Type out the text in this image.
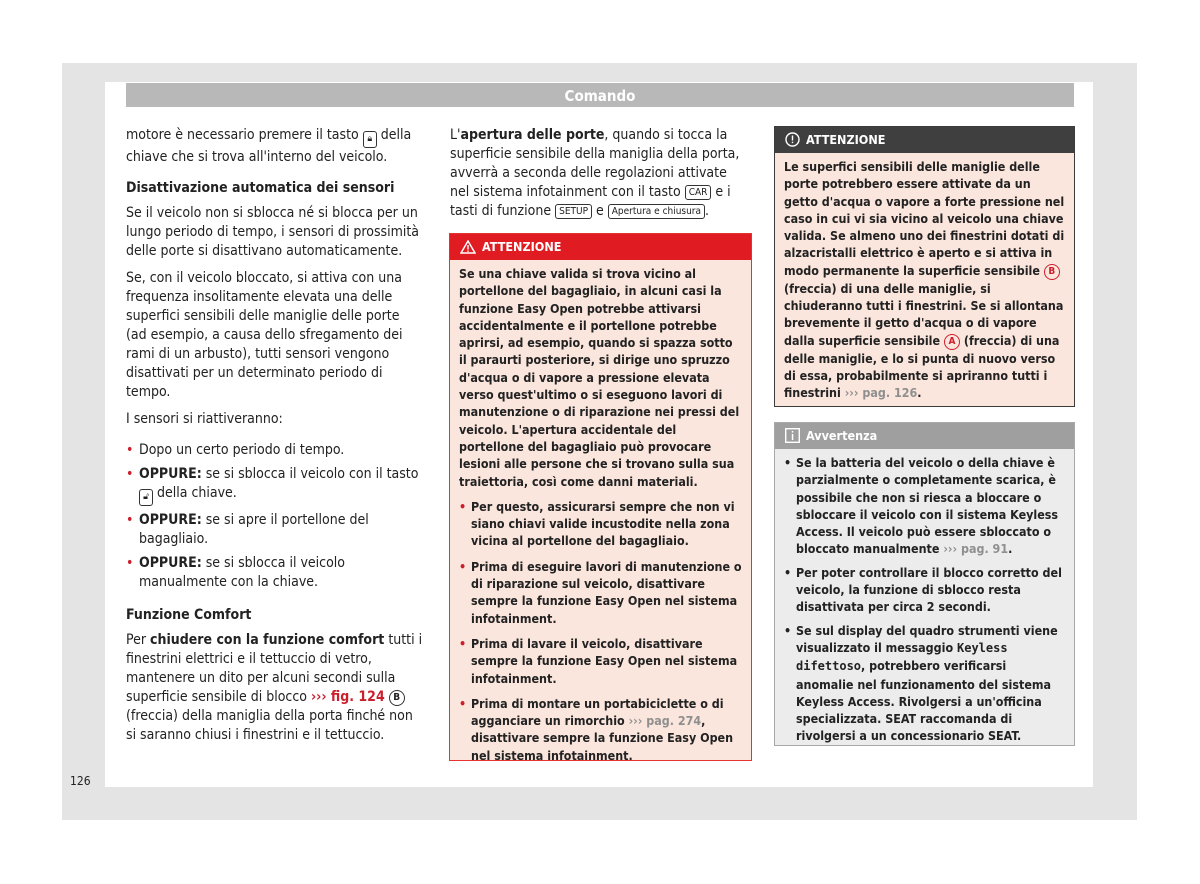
Comando

motore è necessario premere il tasto 🔒︎ della chiave che si trova all'interno del veicolo.

Disattivazione automatica dei sensori

Se il veicolo non si sblocca né si blocca per un lungo periodo di tempo, i sensori di prossimità delle porte si disattivano automaticamente.

Se, con il veicolo bloccato, si attiva con una frequenza insolitamente elevata una delle superfici sensibili delle maniglie delle porte (ad esempio, a causa dello sfregamento dei rami di un arbusto), tutti sensori vengono disattivati per un determinato periodo di tempo.

I sensori si riattiveranno:

• Dopo un certo periodo di tempo.
• OPPURE: se si sblocca il veicolo con il tasto 🔓︎ della chiave.
• OPPURE: se si apre il portellone del bagagliaio.
• OPPURE: se si sblocca il veicolo manualmente con la chiave.
Funzione Comfort

Per chiudere con la funzione comfort tutti i finestrini elettrici e il tettuccio di vetro, mantenere un dito per alcuni secondi sulla superficie sensibile di blocco ››› fig. 124 B (freccia) della maniglia della porta finché non si saranno chiusi i finestrini e il tettuccio.

L'apertura delle porte, quando si tocca la superficie sensibile della maniglia della porta, avverrà a seconda delle regolazioni attivate nel sistema infotainment con il tasto CAR e i tasti di funzione SETUP e Apertura e chiusura .

ATTENZIONE

Se una chiave valida si trova vicino al portellone del bagagliaio, in alcuni casi la funzione Easy Open potrebbe attivarsi accidentalmente e il portellone potrebbe aprirsi, ad esempio, quando si spazza sotto il paraurti posteriore, si dirige uno spruzzo d'acqua o di vapore a pressione elevata verso quest'ultimo o si eseguono lavori di manutenzione o di riparazione nei pressi del veicolo. L'apertura accidentale del portellone del bagagliaio può provocare lesioni alle persone che si trovano sulla sua traiettoria, così come danni materiali.

• Per questo, assicurarsi sempre che non vi siano chiavi valide incustodite nella zona vicina al portellone del bagagliaio.

• Prima di eseguire lavori di manutenzione o di riparazione sul veicolo, disattivare sempre la funzione Easy Open nel sistema infotainment.

• Prima di lavare il veicolo, disattivare sempre la funzione Easy Open nel sistema infotainment.

• Prima di montare un portabiciclette o di agganciare un rimorchio ››› pag. 274, disattivare sempre la funzione Easy Open nel sistema infotainment.

ATTENZIONE

Le superfici sensibili delle maniglie delle porte potrebbero essere attivate da un getto d'acqua o vapore a forte pressione nel caso in cui vi sia vicino al veicolo una chiave valida. Se almeno uno dei finestrini dotati di alzacristalli elettrico è aperto e si attiva in modo permanente la superficie sensibile B (freccia) di una delle maniglie, si chiuderanno tutti i finestrini. Se si allontana brevemente il getto d'acqua o di vapore dalla superficie sensibile A (freccia) di una delle maniglie, e lo si punta di nuovo verso di essa, probabilmente si apriranno tutti i finestrini ››› pag. 126.

Avvertenza

• Se la batteria del veicolo o della chiave è parzialmente o completamente scarica, è possibile che non si riesca a bloccare o sbloccare il veicolo con il sistema Keyless Access. Il veicolo può essere sbloccato o bloccato manualmente ››› pag. 91.

• Per poter controllare il blocco corretto del veicolo, la funzione di sblocco resta disattivata per circa 2 secondi.

• Se sul display del quadro strumenti viene visualizzato il messaggio Keyless difettoso, potrebbero verificarsi anomalie nel funzionamento del sistema Keyless Access. Rivolgersi a un'officina specializzata. SEAT raccomanda di rivolgersi a un concessionario SEAT.

126
